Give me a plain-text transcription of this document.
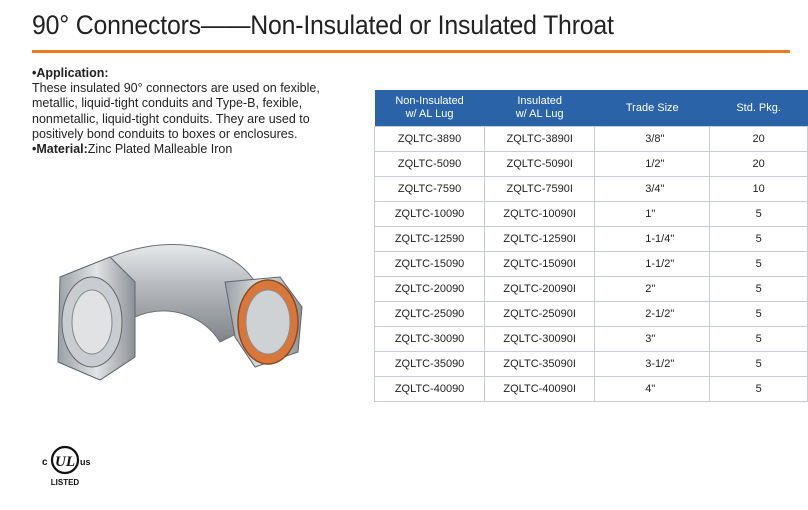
90° Connectors——Non-Insulated or Insulated Throat

•Application:

These insulated 90° connectors are used on fexible, metallic, liquid-tight conduits and Type-B, fexible, nonmetallic, liquid-tight conduits. They are used to positively bond conduits to boxes or enclosures.

•Material:Zinc Plated Malleable Iron

Non-Insulated
w/ AL Lug	Insulated
w/ AL Lug	Trade Size	Std. Pkg.
ZQLTC-3890	ZQLTC-3890I	3/8"	20
ZQLTC-5090	ZQLTC-5090I	1/2"	20
ZQLTC-7590	ZQLTC-7590I	3/4"	10
ZQLTC-10090	ZQLTC-10090I	1"	5
ZQLTC-12590	ZQLTC-12590I	1-1/4"	5
ZQLTC-15090	ZQLTC-15090I	1-1/2"	5
ZQLTC-20090	ZQLTC-20090I	2"	5
ZQLTC-25090	ZQLTC-25090I	2-1/2"	5
ZQLTC-30090	ZQLTC-30090I	3"	5
ZQLTC-35090	ZQLTC-35090I	3-1/2"	5
ZQLTC-40090	ZQLTC-40090I	4"	5
UL
c	us
LISTED
